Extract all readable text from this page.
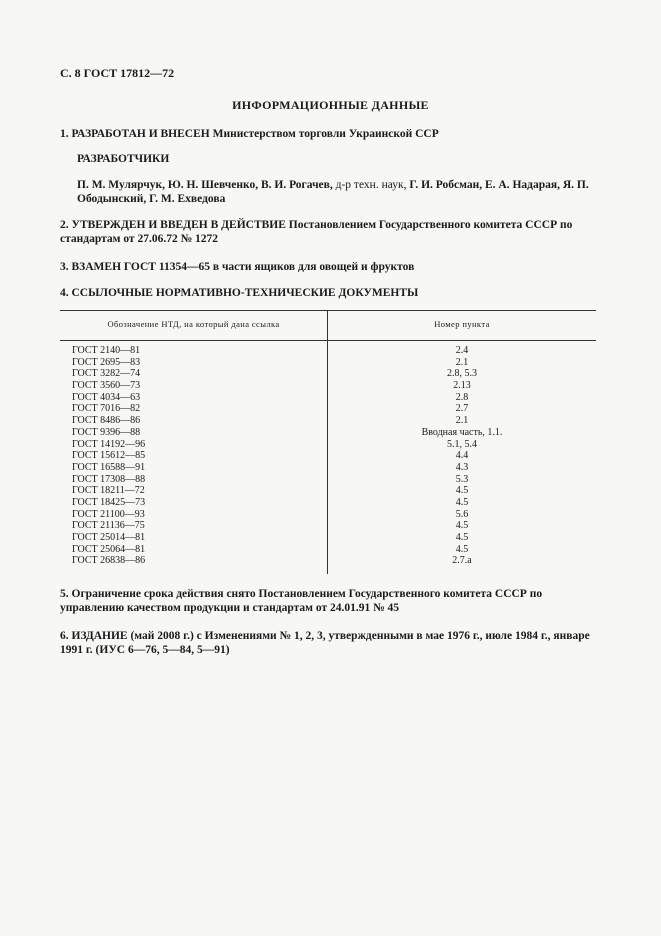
С. 8 ГОСТ 17812—72
ИНФОРМАЦИОННЫЕ ДАННЫЕ
1. РАЗРАБОТАН И ВНЕСЕН Министерством торговли Украинской ССР
РАЗРАБОТЧИКИ
П. М. Мулярчук, Ю. Н. Шевченко, В. И. Рогачев, д-р техн. наук, Г. И. Робсман, Е. А. Надарая, Я. П. Ободынский, Г. М. Ехведова
2. УТВЕРЖДЕН И ВВЕДЕН В ДЕЙСТВИЕ Постановлением Государственного комитета СССР по стандартам от 27.06.72 № 1272
3. ВЗАМЕН ГОСТ 11354—65 в части ящиков для овощей и фруктов
4. ССЫЛОЧНЫЕ НОРМАТИВНО-ТЕХНИЧЕСКИЕ ДОКУМЕНТЫ
Обозначение НТД, на который дана ссылка	Номер пункта
ГОСТ 2140—81	2.4
ГОСТ 2695—83	2.1
ГОСТ 3282—74	2.8, 5.3
ГОСТ 3560—73	2.13
ГОСТ 4034—63	2.8
ГОСТ 7016—82	2.7
ГОСТ 8486—86	2.1
ГОСТ 9396—88	Вводная часть, 1.1.
ГОСТ 14192—96	5.1, 5.4
ГОСТ 15612—85	4.4
ГОСТ 16588—91	4.3
ГОСТ 17308—88	5.3
ГОСТ 18211—72	4.5
ГОСТ 18425—73	4.5
ГОСТ 21100—93	5.6
ГОСТ 21136—75	4.5
ГОСТ 25014—81	4.5
ГОСТ 25064—81	4.5
ГОСТ 26838—86	2.7.а
5. Ограничение срока действия снято Постановлением Государственного комитета СССР по управлению качеством продукции и стандартам от 24.01.91 № 45
6. ИЗДАНИЕ (май 2008 г.) с Изменениями № 1, 2, 3, утвержденными в мае 1976 г., июле 1984 г., январе 1991 г. (ИУС 6—76, 5—84, 5—91)
